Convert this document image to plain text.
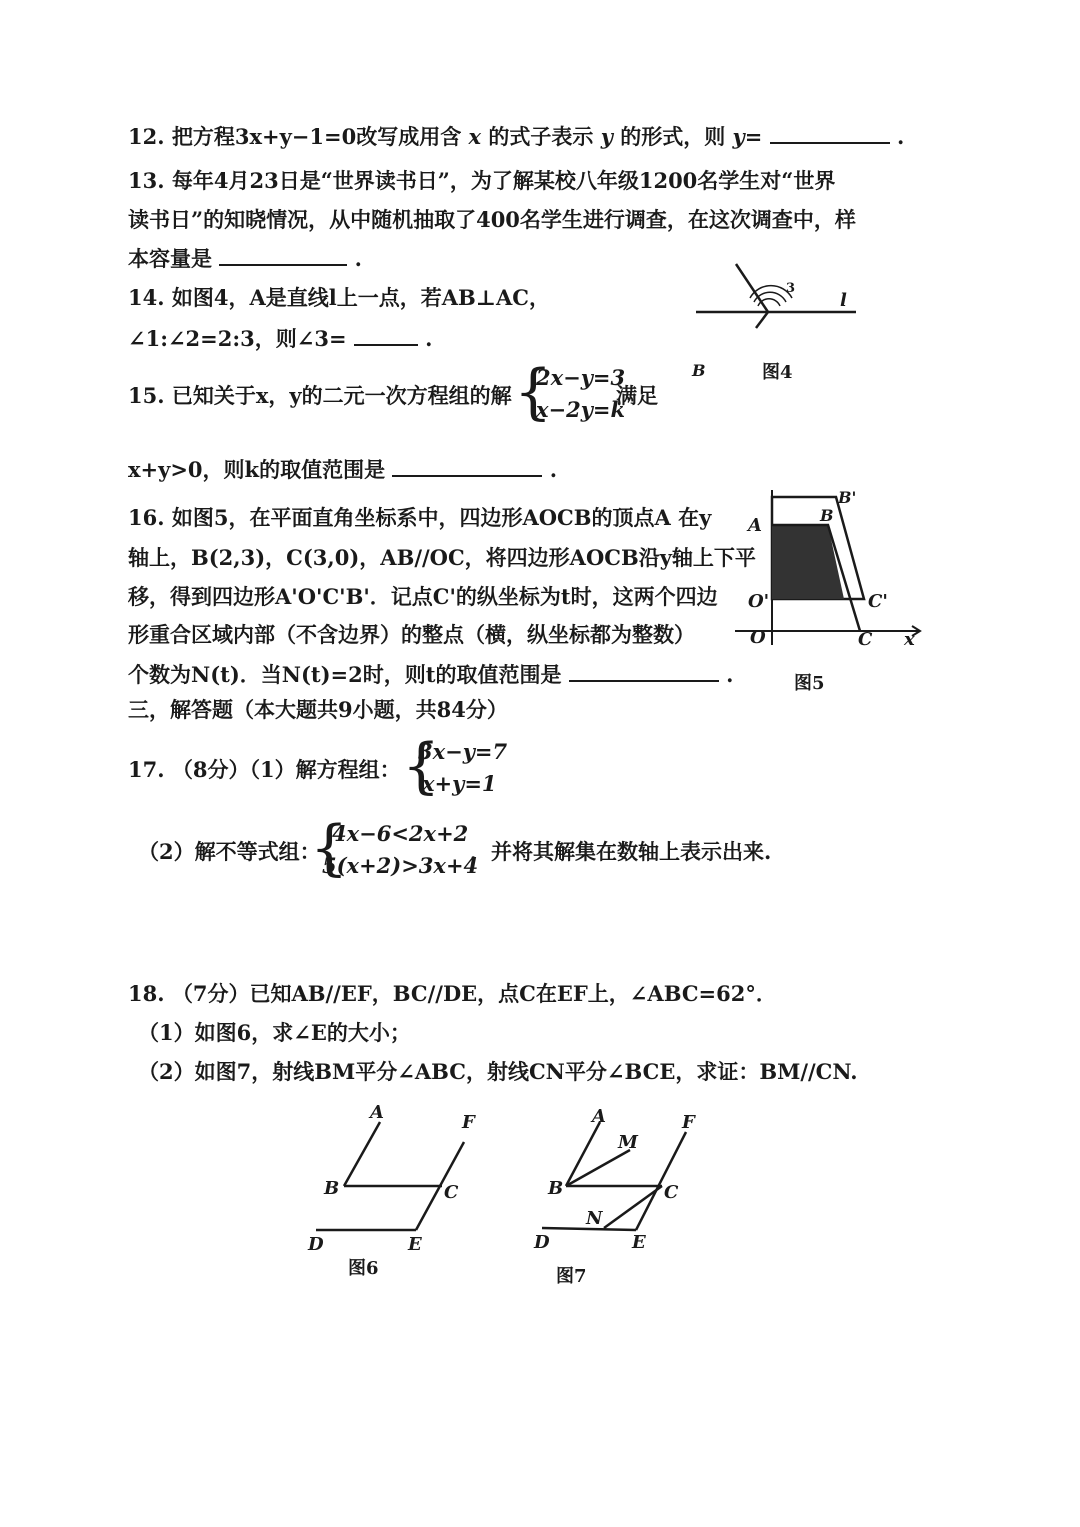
12. 把方程3x+y−1=0改写成用含 x 的式子表示 y 的形式，则 y=	.
13. 每年4月23日是“世界读书日”，为了解某校八年级1200名学生对“世界
读书日”的知晓情况，从中随机抽取了400名学生进行调查，在这次调查中，样
本容量是	.
14. 如图4，A是直线l上一点，若AB⊥AC，
∠1:∠2=2:3，则∠3=	.
3
l
B	图4
15. 已知关于x，y的二元一次方程组的解 {
2x−y=3
x−2y=k
满足
x+y>0，则k的取值范围是	.
16. 如图5，在平面直角坐标系中，四边形AOCB的顶点A 在y
轴上，B(2,3)，C(3,0)，AB//OC，将四边形AOCB沿y轴上下平
移，得到四边形A'O'C'B'．记点C'的纵坐标为t时，这两个四边
形重合区域内部（不含边界）的整点（横，纵坐标都为整数）
个数为N(t)．当N(t)=2时，则t的取值范围是	.
A	B
B'
O'	C'
O	C x
图5
三，解答题（本大题共9小题，共84分）
17. （8分）（1）解方程组： {
3x−y=7
x+y=1
（2）解不等式组：
{
4x−6<2x+2
5(x+2)>3x+4
，并将其解集在数轴上表示出来.
18. （7分）已知AB//EF，BC//DE，点C在EF上，∠ABC=62°．
（1）如图6，求∠E的大小；
（2）如图7，射线BM平分∠ABC，射线CN平分∠BCE，求证：BM//CN.
A	F
B	C
D	E
图6
A
M
F
B	C
N
D	E
图7
